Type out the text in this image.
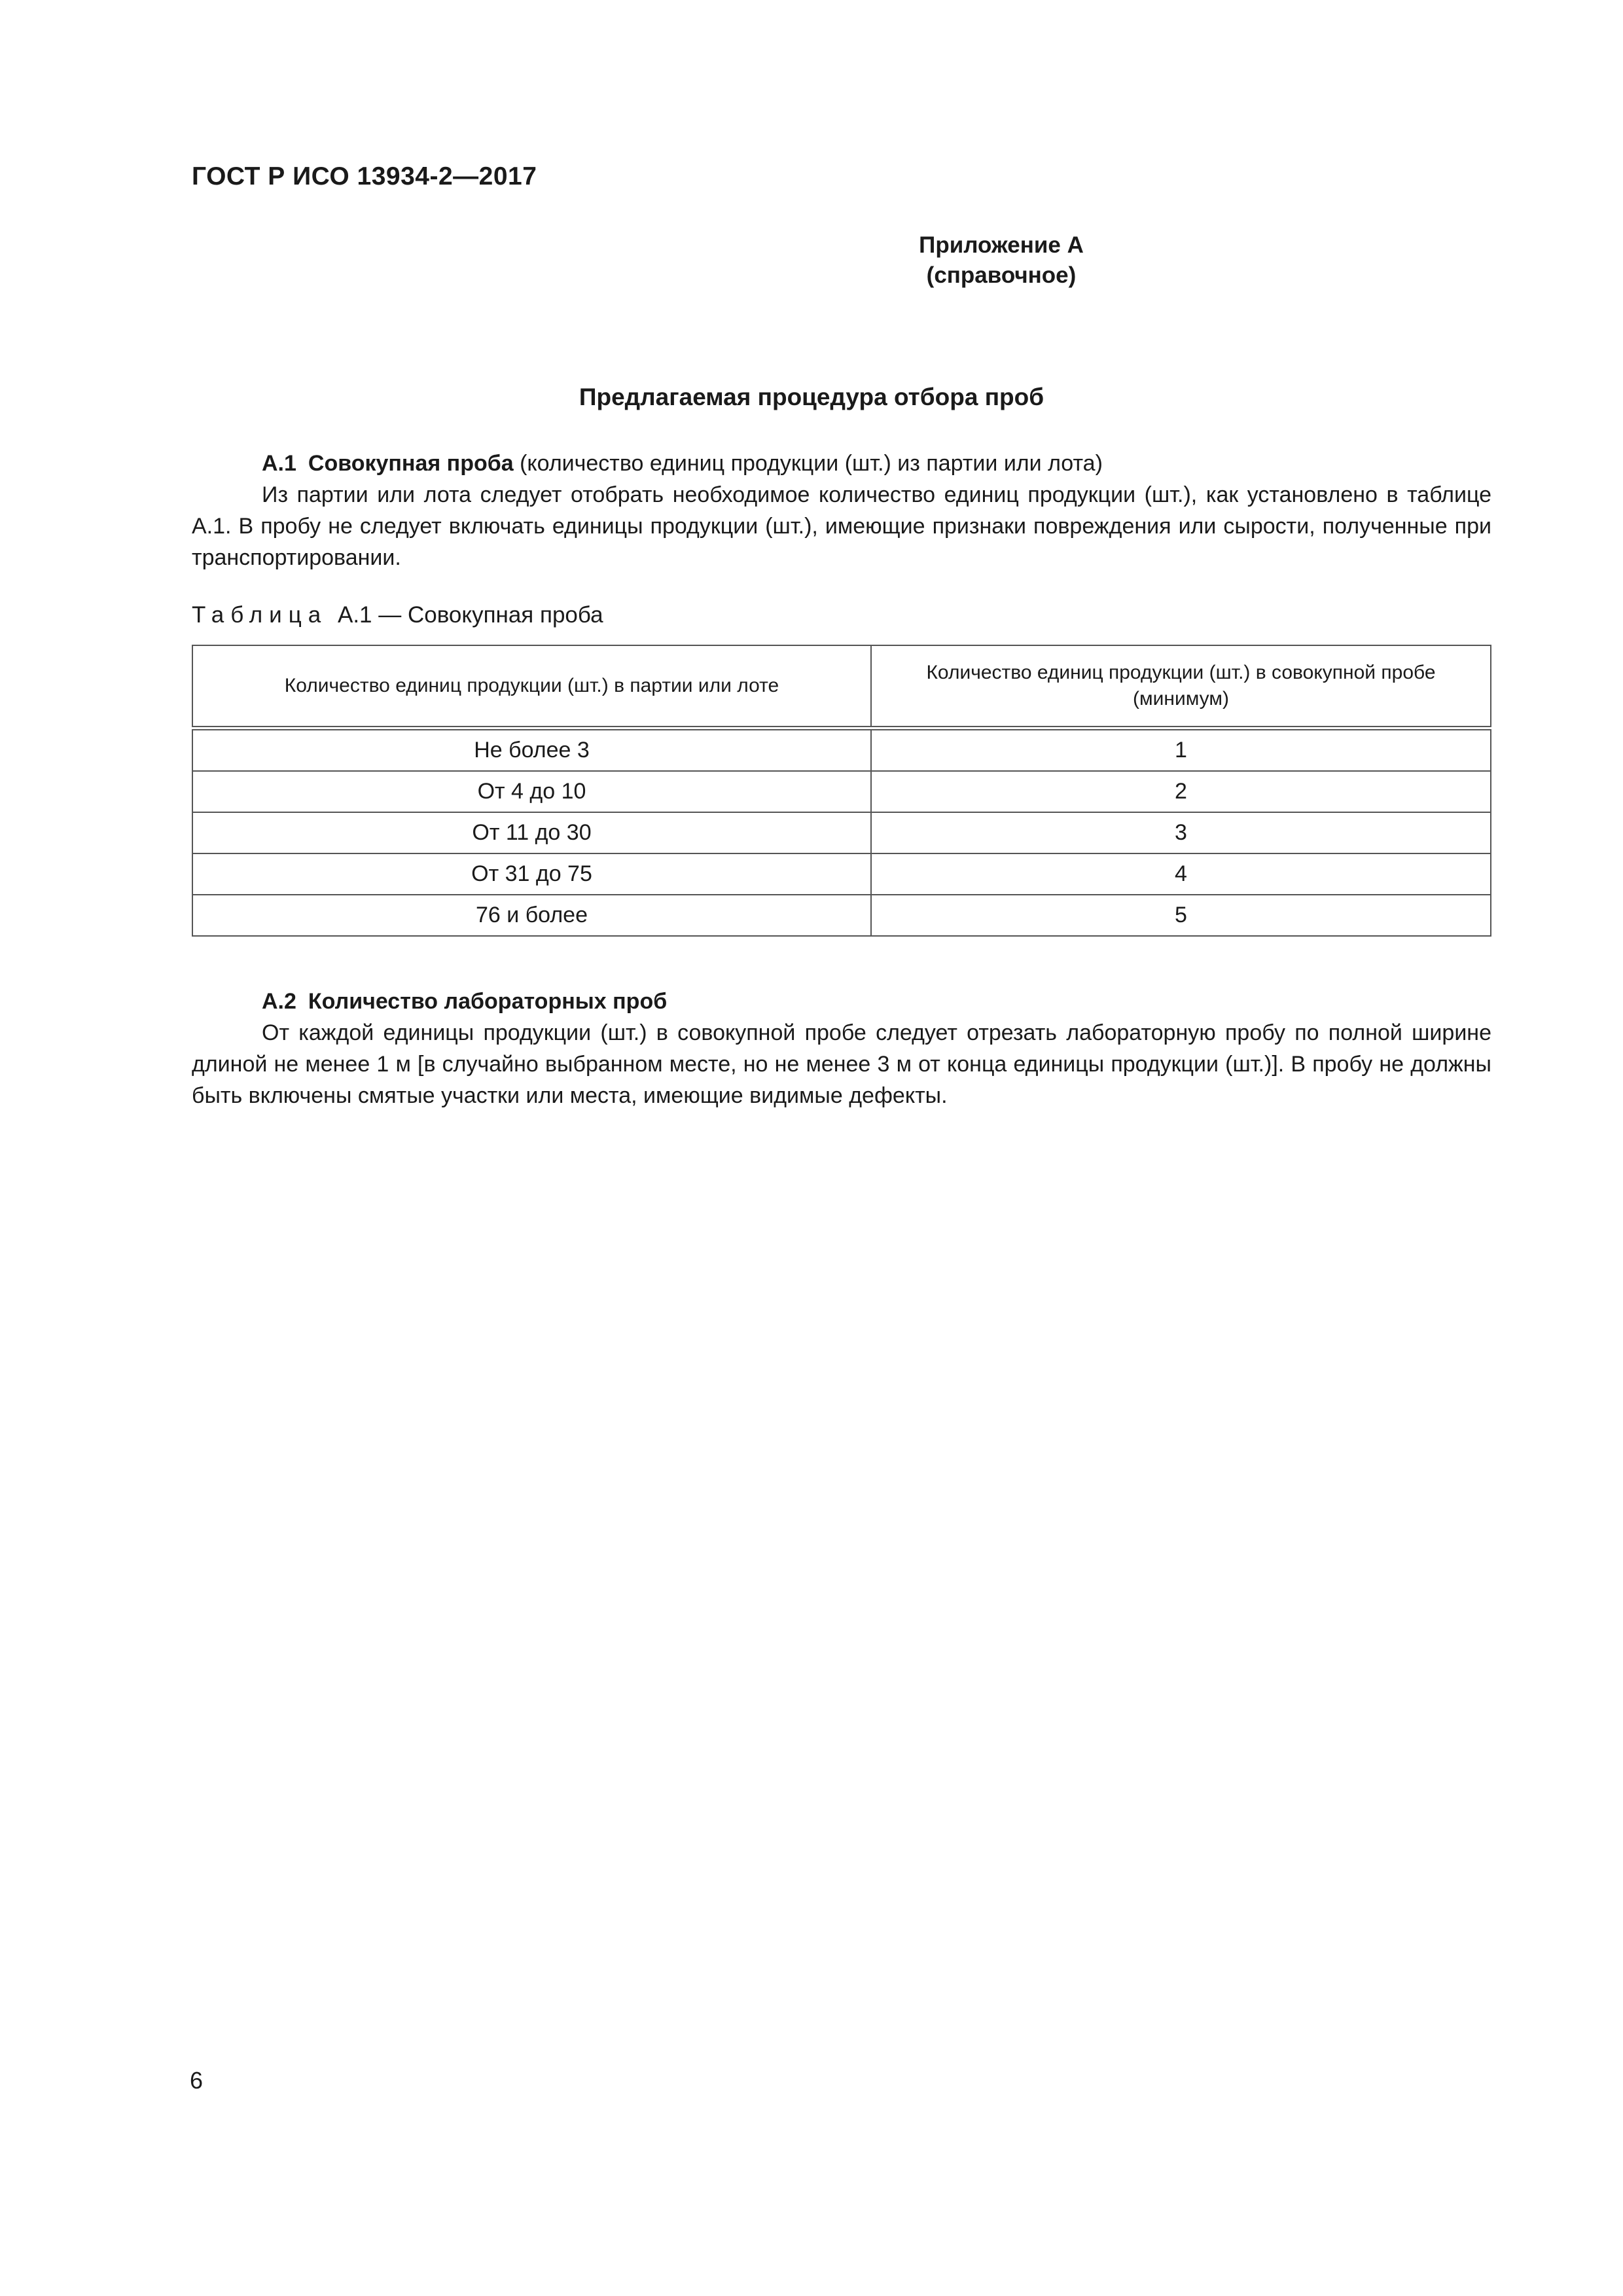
ГОСТ Р ИСО 13934-2—2017
Приложение А
(справочное)
Предлагаемая процедура отбора проб
А.1 Совокупная проба (количество единиц продукции (шт.) из партии или лота)

Из партии или лота следует отобрать необходимое количество единиц продукции (шт.), как установлено в таблице А.1. В пробу не следует включать единицы продукции (шт.), имеющие признаки повреждения или сырости, полученные при транспортировании.

Таблица А.1 — Совокупная проба
Количество единиц продукции (шт.) в партии или лоте	Количество единиц продукции (шт.) в совокупной пробе (минимум)
Не более 3	1
От 4 до 10	2
От 11 до 30	3
От 31 до 75	4
76 и более	5
А.2 Количество лабораторных проб

От каждой единицы продукции (шт.) в совокупной пробе следует отрезать лабораторную пробу по полной ширине длиной не менее 1 м [в случайно выбранном месте, но не менее 3 м от конца единицы продукции (шт.)]. В пробу не должны быть включены смятые участки или места, имеющие видимые дефекты.

6
